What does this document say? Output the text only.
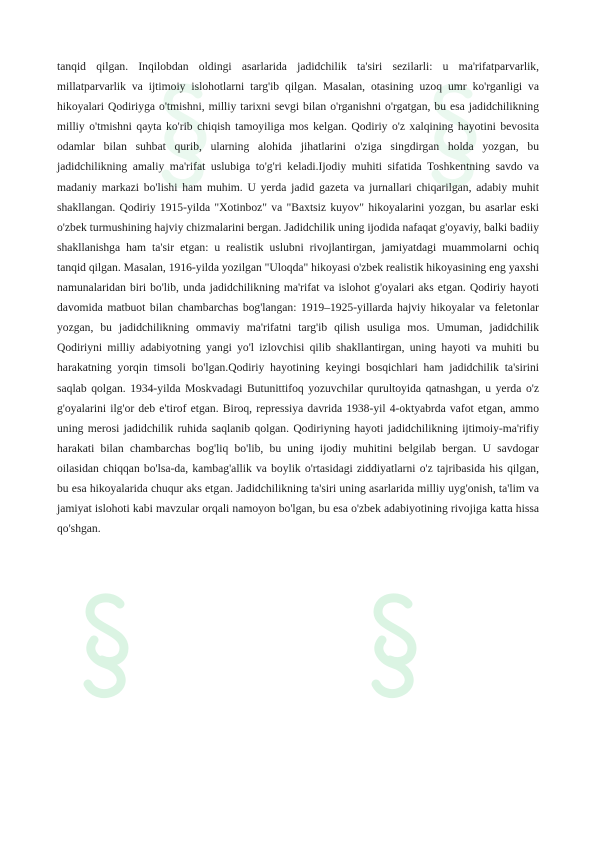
tanqid qilgan. Inqilobdan oldingi asarlarida jadidchilik ta'siri sezilarli: u ma'rifatparvarlik, millatparvarlik va ijtimoiy islohotlarni targ'ib qilgan. Masalan, otasining uzoq umr ko'rganligi va hikoyalari Qodiriyga o'tmishni, milliy tarixni sevgi bilan o'rganishni o'rgatgan, bu esa jadidchilikning milliy o'tmishni qayta ko'rib chiqish tamoyiliga mos kelgan. Qodiriy o'z xalqining hayotini bevosita odamlar bilan suhbat qurib, ularning alohida jihatlarini o'ziga singdirgan holda yozgan, bu jadidchilikning amaliy ma'rifat uslubiga to'g'ri keladi.Ijodiy muhiti sifatida Toshkentning savdo va madaniy markazi bo'lishi ham muhim. U yerda jadid gazeta va jurnallari chiqarilgan, adabiy muhit shakllangan. Qodiriy 1915-yilda "Xotinboz" va "Baxtsiz kuyov" hikoyalarini yozgan, bu asarlar eski o'zbek turmushining hajviy chizmalarini bergan. Jadidchilik uning ijodida nafaqat g'oyaviy, balki badiiy shakllanishga ham ta'sir etgan: u realistik uslubni rivojlantirgan, jamiyatdagi muammolarni ochiq tanqid qilgan. Masalan, 1916-yilda yozilgan "Uloqda" hikoyasi o'zbek realistik hikoyasining eng yaxshi namunalaridan biri bo'lib, unda jadidchilikning ma'rifat va islohot g'oyalari aks etgan. Qodiriy hayoti davomida matbuot bilan chambarchas bog'langan: 1919–1925-yillarda hajviy hikoyalar va feletonlar yozgan, bu jadidchilikning ommaviy ma'rifatni targ'ib qilish usuliga mos. Umuman, jadidchilik Qodiriyni milliy adabiyotning yangi yo'l izlovchisi qilib shakllantirgan, uning hayoti va muhiti bu harakatning yorqin timsoli bo'lgan.Qodiriy hayotining keyingi bosqichlari ham jadidchilik ta'sirini saqlab qolgan. 1934-yilda Moskvadagi Butunittifoq yozuvchilar qurultoyida qatnashgan, u yerda o'z g'oyalarini ilg'or deb e'tirof etgan. Biroq, repressiya davrida 1938-yil 4-oktyabrda vafot etgan, ammo uning merosi jadidchilik ruhida saqlanib qolgan. Qodiriyning hayoti jadidchilikning ijtimoiy-ma'rifiy harakati bilan chambarchas bog'liq bo'lib, bu uning ijodiy muhitini belgilab bergan. U savdogar oilasidan chiqqan bo'lsa-da, kambag'allik va boylik o'rtasidagi ziddiyatlarni o'z tajribasida his qilgan, bu esa hikoyalarida chuqur aks etgan. Jadidchilikning ta'siri uning asarlarida milliy uyg'onish, ta'lim va jamiyat islohoti kabi mavzular orqali namoyon bo'lgan, bu esa o'zbek adabiyotining rivojiga katta hissa qo'shgan.
